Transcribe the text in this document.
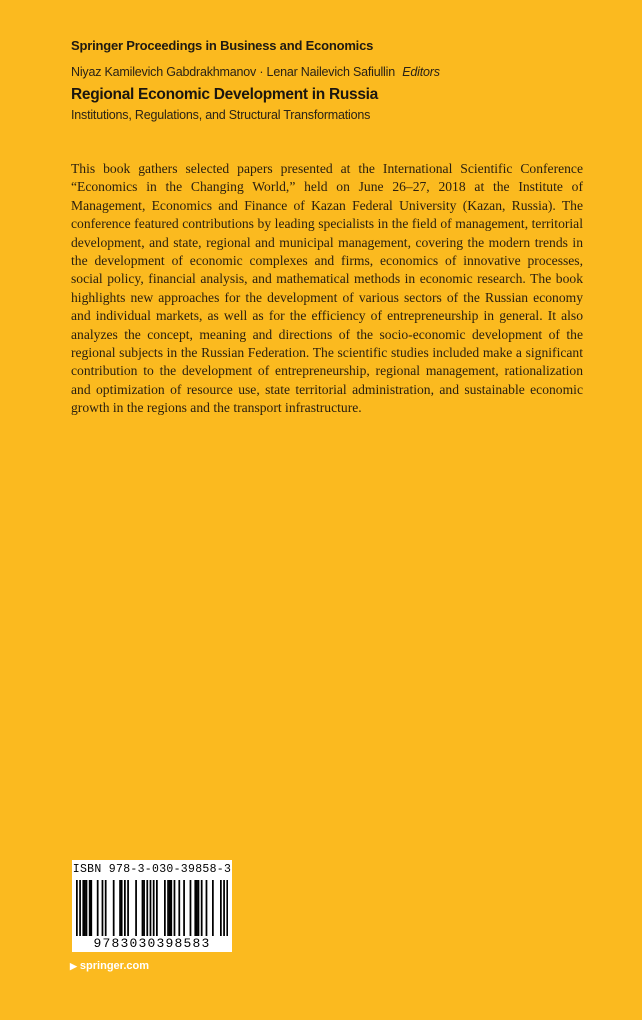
Springer Proceedings in Business and Economics
Niyaz Kamilevich Gabdrakhmanov · Lenar Nailevich Safiullin Editors
Regional Economic Development in Russia
Institutions, Regulations, and Structural Transformations

This book gathers selected papers presented at the International Scientific Conference “Economics in the Changing World,” held on June 26–27, 2018 at the Institute of Management, Economics and Finance of Kazan Federal University (Kazan, Russia). The conference featured contributions by leading specialists in the field of management, territorial development, and state, regional and municipal management, covering the modern trends in the development of economic complexes and firms, economics of innovative processes, social policy, financial analysis, and mathematical methods in economic research. The book highlights new approaches for the development of various sectors of the Russian economy and individual markets, as well as for the efficiency of entrepreneurship in general. It also analyzes the concept, meaning and directions of the socio-economic development of the regional subjects in the Russian Federation. The scientific studies included make a significant contribution to the development of entrepreneurship, regional management, rationalization and optimization of resource use, state territorial administration, and sustainable economic growth in the regions and the transport infrastructure.

ISBN 978-3-030-39858-3
9783030398583
▶ springer.com
